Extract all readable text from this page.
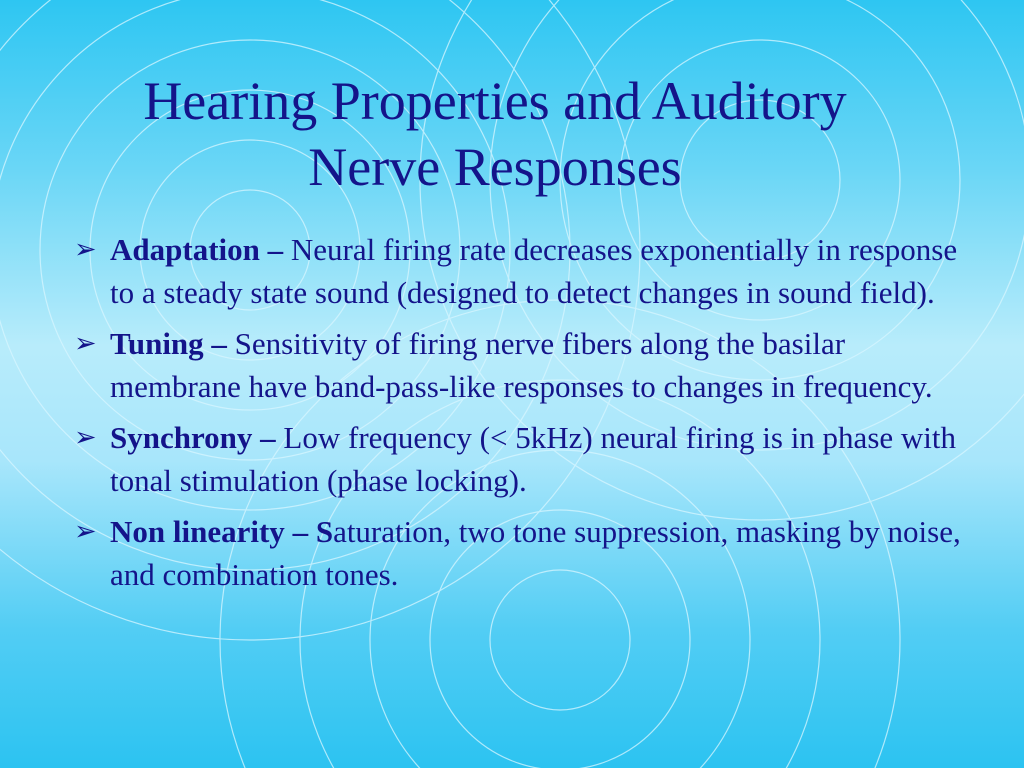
Hearing Properties and Auditory
Nerve Responses
➢ Adaptation – Neural firing rate decreases exponentially in response to a steady state sound (designed to detect changes in sound field).
➢ Tuning – Sensitivity of firing nerve fibers along the basilar membrane have band-pass-like responses to changes in frequency.
➢ Synchrony – Low frequency (< 5kHz) neural firing is in phase with tonal stimulation (phase locking).
➢ Non linearity – Saturation, two tone suppression, masking by noise, and combination tones.
